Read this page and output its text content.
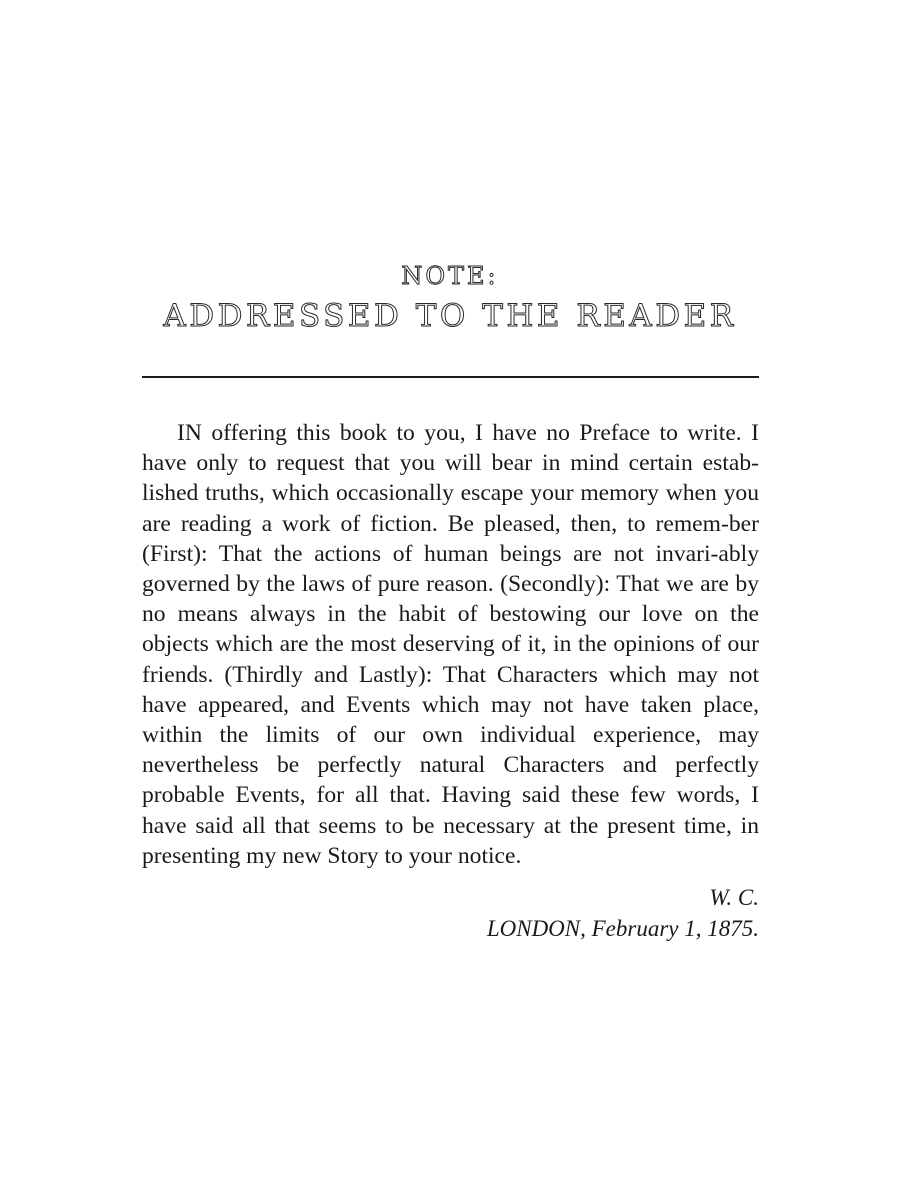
NOTE:
ADDRESSED TO THE READER

IN offering this book to you, I have no Preface to write. I have only to request that you will bear in mind certain estab-lished truths, which occasionally escape your memory when you are reading a work of fiction. Be pleased, then, to remem-ber (First): That the actions of human beings are not invari-ably governed by the laws of pure reason. (Secondly): That we are by no means always in the habit of bestowing our love on the objects which are the most deserving of it, in the opinions of our friends. (Thirdly and Lastly): That Characters which may not have appeared, and Events which may not have taken place, within the limits of our own individual experience, may nevertheless be perfectly natural Characters and perfectly probable Events, for all that. Having said these few words, I have said all that seems to be necessary at the present time, in presenting my new Story to your notice.

W. C.
LONDON, February 1, 1875.
